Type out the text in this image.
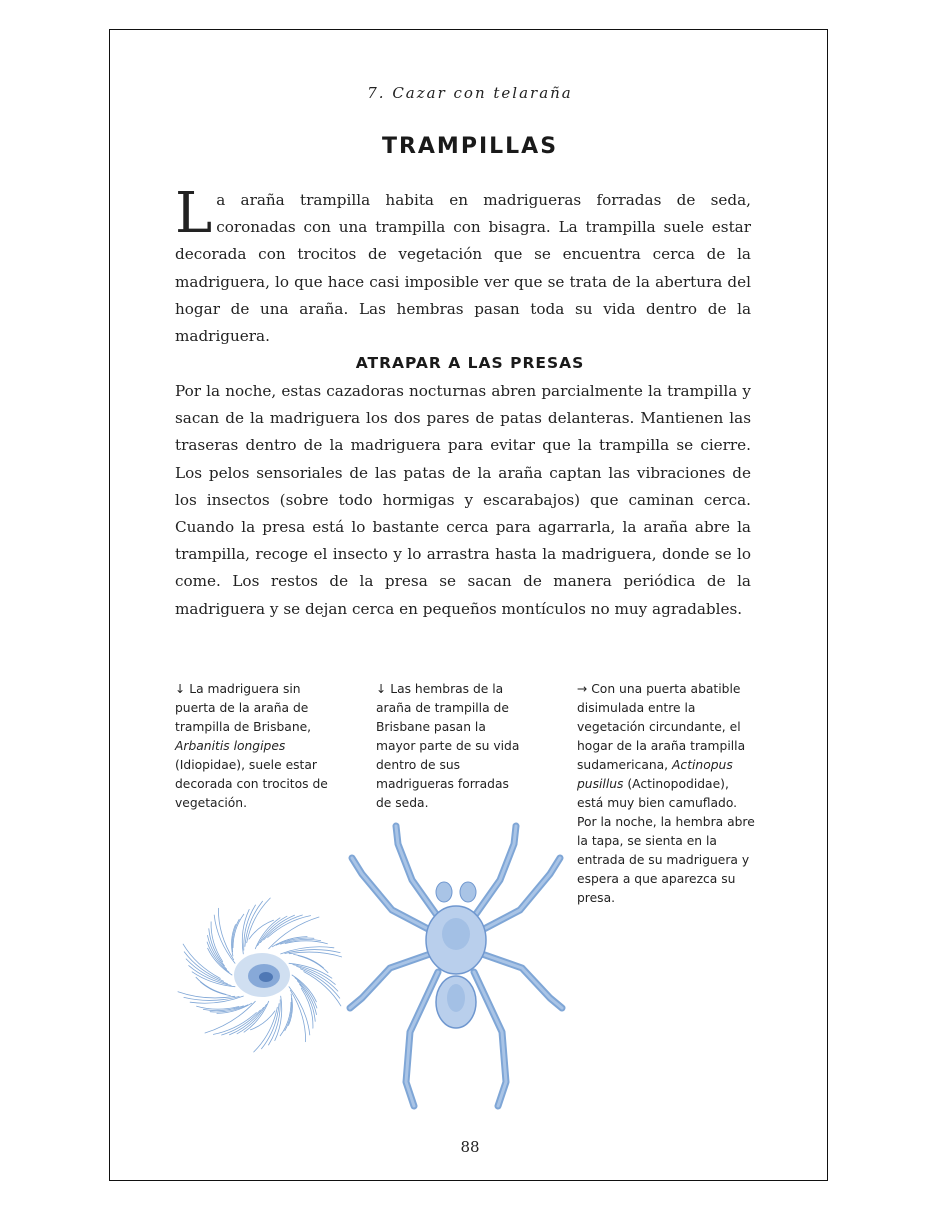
7. Cazar con telaraña
TRAMPILLAS

La araña trampilla habita en madrigueras forradas de seda, coronadas con una trampilla con bisagra. La trampilla suele estar decorada con trocitos de vegetación que se encuentra cerca de la madriguera, lo que hace casi imposible ver que se trata de la abertura del hogar de una araña. Las hembras pasan toda su vida dentro de la madriguera.

ATRAPAR A LAS PRESAS

Por la noche, estas cazadoras nocturnas abren parcialmente la trampilla y sacan de la madriguera los dos pares de patas delanteras. Mantienen las traseras dentro de la madriguera para evitar que la trampilla se cierre. Los pelos sensoriales de las patas de la araña captan las vibraciones de los insectos (sobre todo hormigas y escarabajos) que caminan cerca. Cuando la presa está lo bastante cerca para agarrarla, la araña abre la trampilla, recoge el insecto y lo arrastra hasta la madriguera, donde se lo come. Los restos de la presa se sacan de manera periódica de la madriguera y se dejan cerca en pequeños montículos no muy agradables.

↓ La madriguera sin puerta de la araña de trampilla de Brisbane, Arbanitis longipes (Idiopidae), suele estar decorada con trocitos de vegetación.

↓ Las hembras de la araña de trampilla de Brisbane pasan la mayor parte de su vida dentro de sus madrigueras forradas de seda.

→ Con una puerta abatible disimulada entre la vegetación circundante, el hogar de la araña trampilla sudamericana, Actinopus pusillus (Actinopodidae), está muy bien camuflado. Por la noche, la hembra abre la tapa, se sienta en la entrada de su madriguera y espera a que aparezca su presa.

88
